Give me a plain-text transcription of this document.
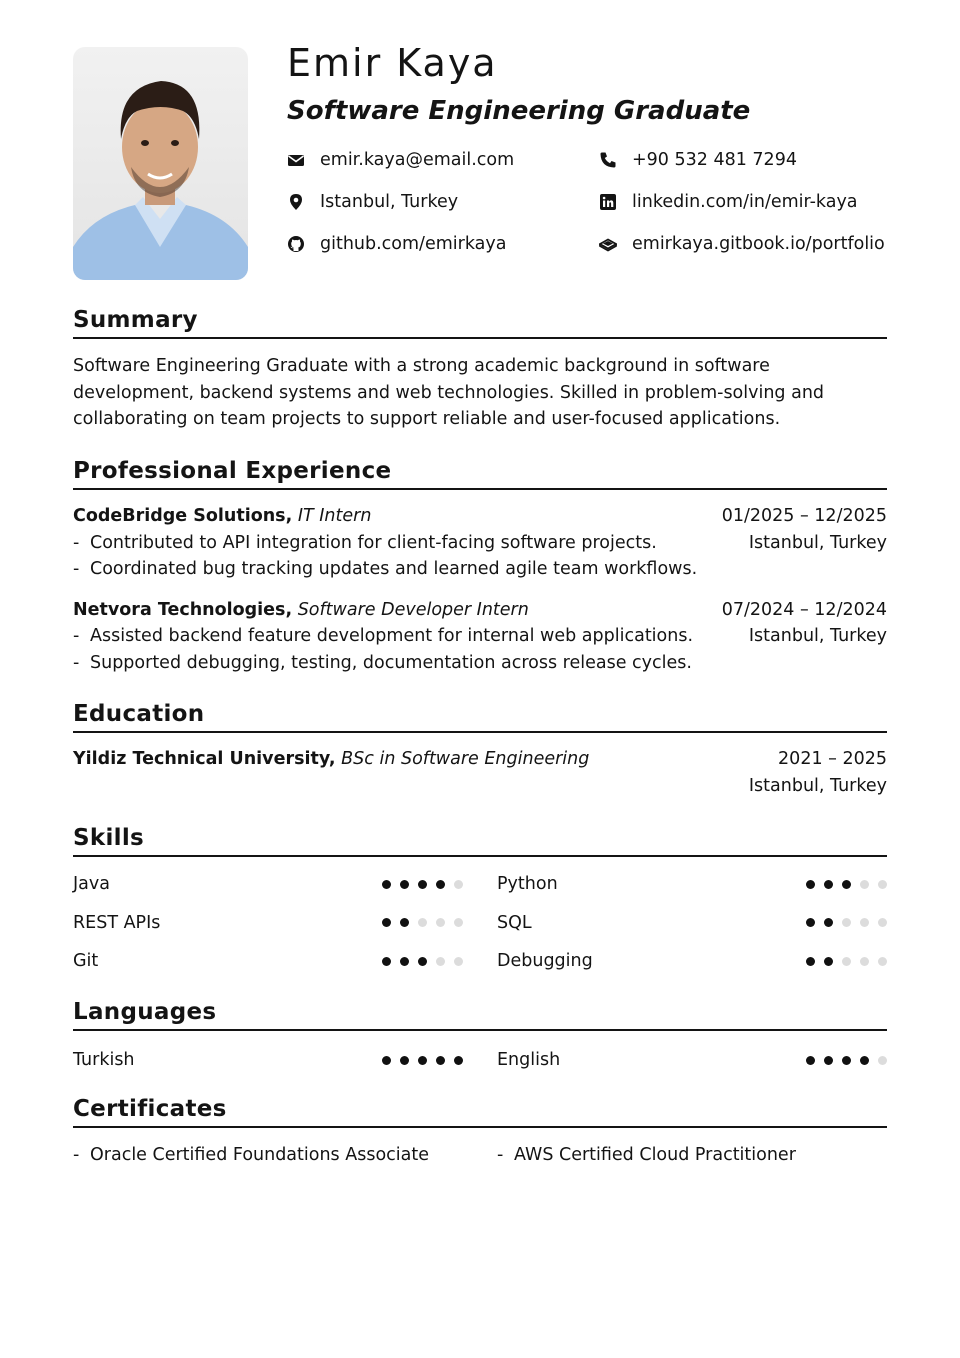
Emir Kaya
Software Engineering Graduate
emir.kaya@email.com	+90 532 481 7294
Istanbul, Turkey	linkedin.com/in/emir-kaya
github.com/emirkaya	emirkaya.gitbook.io/portfolio
Summary

Software Engineering Graduate with a strong academic background in software development, backend systems and web technologies. Skilled in problem-solving and collaborating on team projects to support reliable and user-focused applications.

Professional Experience
CodeBridge Solutions, IT Intern
- Contributed to API integration for client-facing software projects.
- Coordinated bug tracking updates and learned agile team workflows.
01/2025 – 12/2025
Istanbul, Turkey
Netvora Technologies, Software Developer Intern
- Assisted backend feature development for internal web applications.
- Supported debugging, testing, documentation across release cycles.
07/2024 – 12/2024
Istanbul, Turkey
Education
Yildiz Technical University, BSc in Software Engineering
	2021 – 2025
Istanbul, Turkey
Skills
Java	Python
REST APIs	SQL
Git	Debugging
Languages
Turkish	English
Certificates
- Oracle Certified Foundations Associate	- AWS Certified Cloud Practitioner
